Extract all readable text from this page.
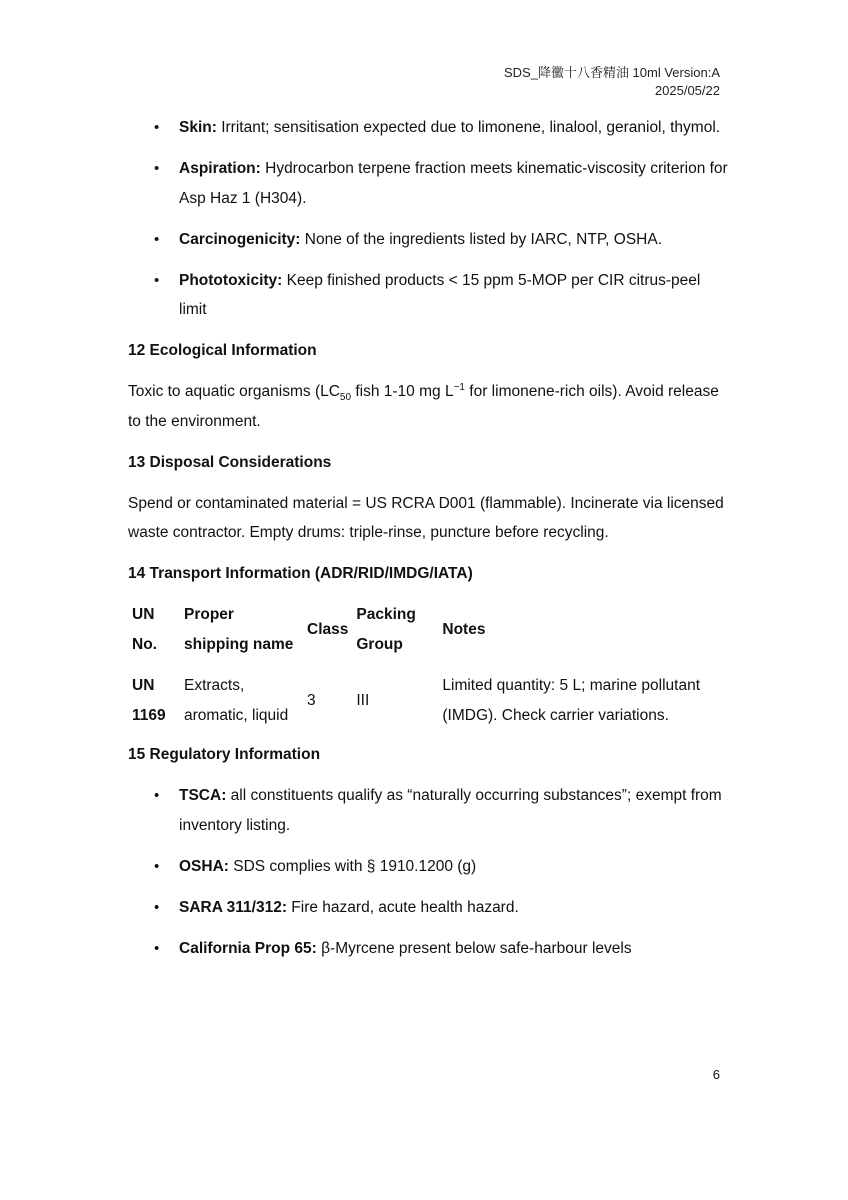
SDS_降黴十八香精油 10ml Version:A
2025/05/22
• Skin: Irritant; sensitisation expected due to limonene, linalool, geraniol, thymol.
• Aspiration: Hydrocarbon terpene fraction meets kinematic-viscosity criterion for Asp Haz 1 (H304).
• Carcinogenicity: None of the ingredients listed by IARC, NTP, OSHA.
• Phototoxicity: Keep finished products < 15 ppm 5-MOP per CIR citrus-peel limit
12 Ecological Information

Toxic to aquatic organisms ($LC_{50}$ fish 1-10 mg $L^{-1}$ for limonene-rich oils). Avoid release to the environment.

13 Disposal Considerations

Spend or contaminated material = US RCRA D001 (flammable). Incinerate via licensed waste contractor. Empty drums: triple-rinse, puncture before recycling.

14 Transport Information (ADR/RID/IMDG/IATA)
UN No.	Proper shipping name	Class	Packing Group	Notes

UN 1169	Extracts, aromatic, liquid	3	III	Limited quantity: 5 L; marine pollutant (IMDG). Check carrier variations.
15 Regulatory Information
• TSCA: all constituents qualify as “naturally occurring substances”; exempt from inventory listing.
• OSHA: SDS complies with § 1910.1200 (g)
• SARA 311/312: Fire hazard, acute health hazard.
• California Prop 65: β-Myrcene present below safe-harbour levels
6
